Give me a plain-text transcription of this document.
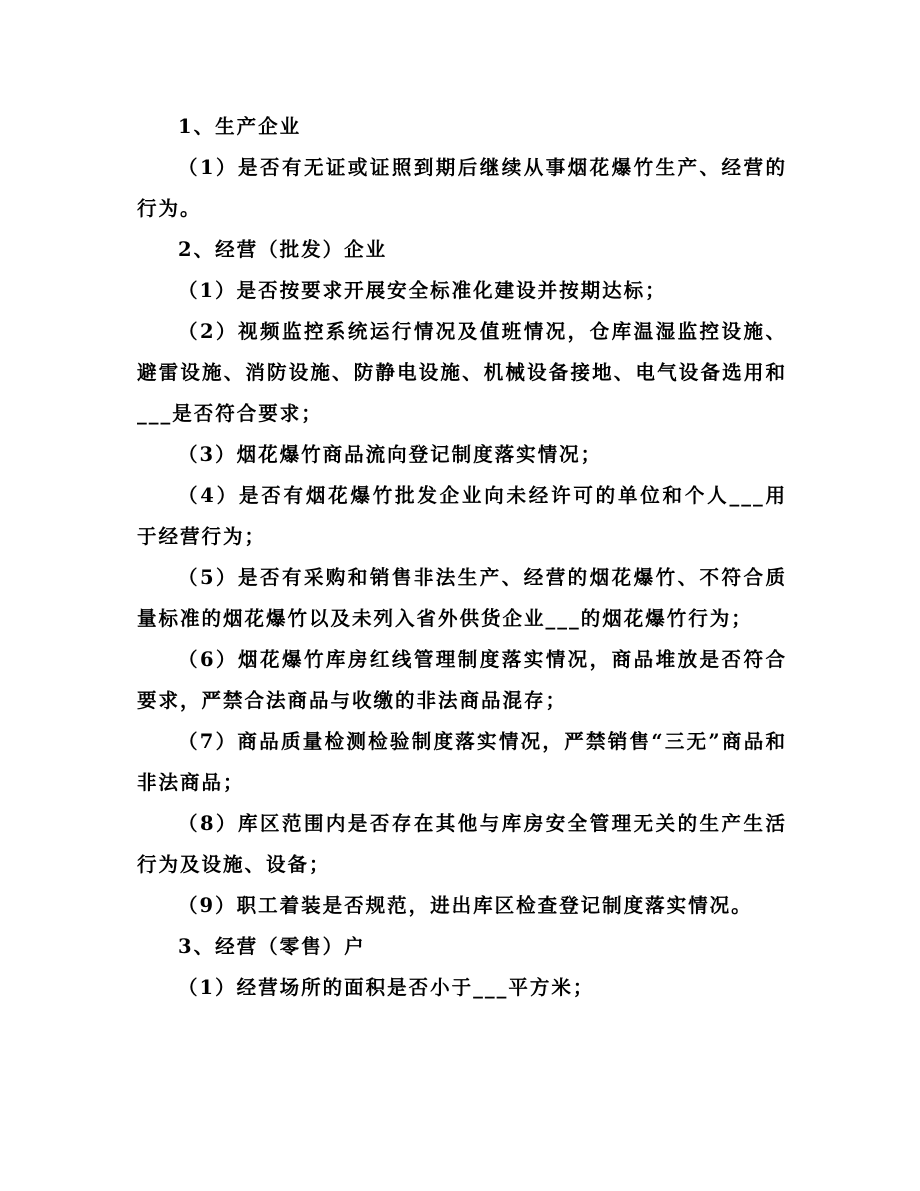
1、生产企业

（1）是否有无证或证照到期后继续从事烟花爆竹生产、经营的行为。

2、经营（批发）企业

（1）是否按要求开展安全标准化建设并按期达标；

（2）视频监控系统运行情况及值班情况，仓库温湿监控设施、避雷设施、消防设施、防静电设施、机械设备接地、电气设备选用和___是否符合要求；

（3）烟花爆竹商品流向登记制度落实情况；

（4）是否有烟花爆竹批发企业向未经许可的单位和个人___用于经营行为；

（5）是否有采购和销售非法生产、经营的烟花爆竹、不符合质量标准的烟花爆竹以及未列入省外供货企业___的烟花爆竹行为；

（6）烟花爆竹库房红线管理制度落实情况，商品堆放是否符合要求，严禁合法商品与收缴的非法商品混存；

（7）商品质量检测检验制度落实情况，严禁销售“三无”商品和非法商品；

（8）库区范围内是否存在其他与库房安全管理无关的生产生活行为及设施、设备；

（9）职工着装是否规范，进出库区检查登记制度落实情况。

3、经营（零售）户

（1）经营场所的面积是否小于___平方米；
